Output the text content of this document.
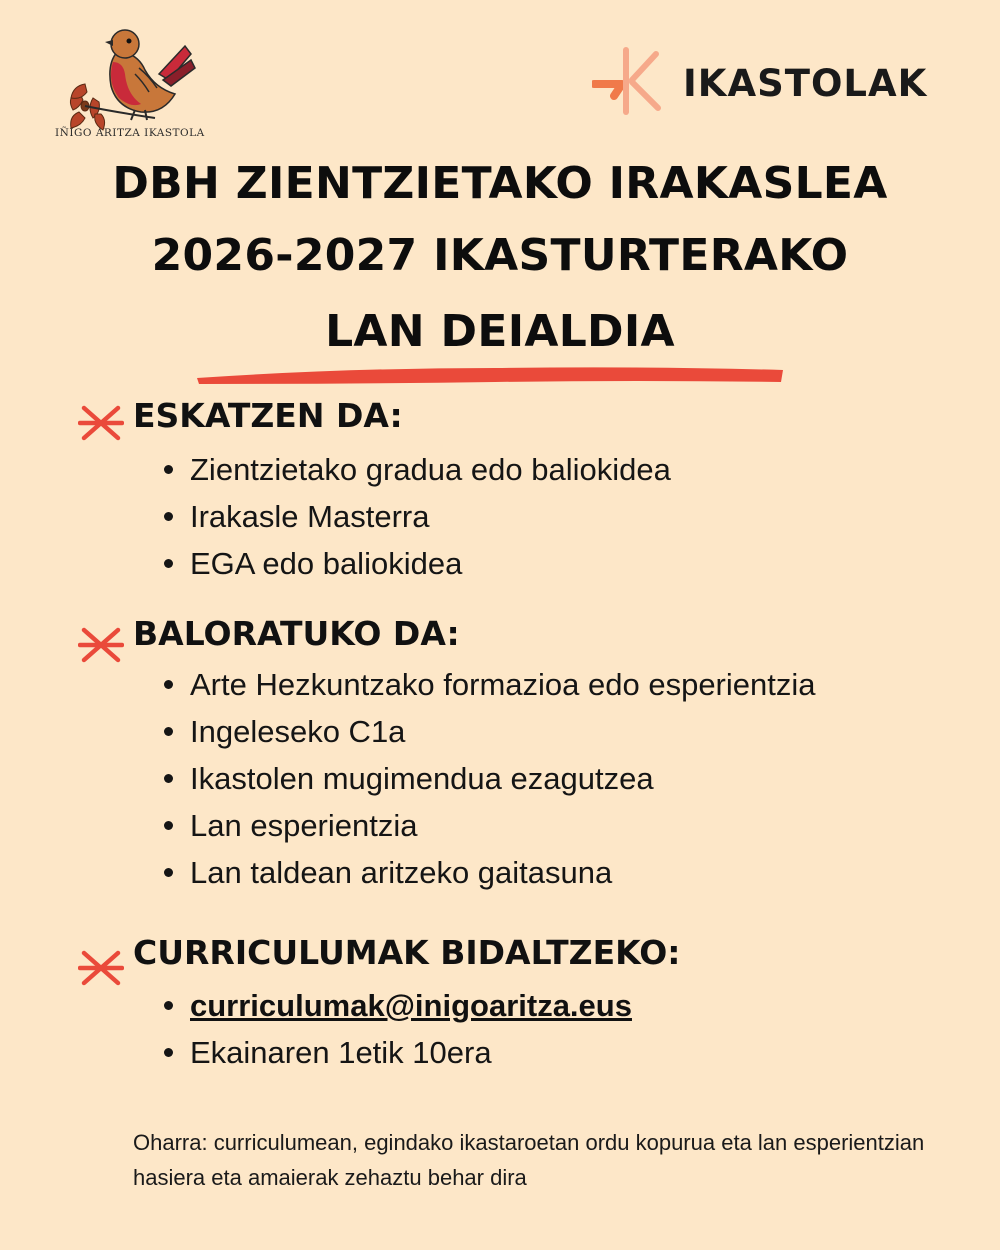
IÑIGO ARITZA IKASTOLA
IKASTOLAK
DBH ZIENTZIETAKO IRAKASLEA
2026-2027 IKASTURTERAKO
LAN DEIALDIA
ESKATZEN DA:
Zientzietako gradua edo baliokidea
Irakasle Masterra
EGA edo baliokidea
BALORATUKO DA:
Arte Hezkuntzako formazioa edo esperientzia
Ingeleseko C1a
Ikastolen mugimendua ezagutzea
Lan esperientzia
Lan taldean aritzeko gaitasuna
CURRICULUMAK BIDALTZEKO:
curriculumak@inigoaritza.eus
Ekainaren 1etik 10era
Oharra: curriculumean, egindako ikastaroetan ordu kopurua eta lan esperientzian hasiera eta amaierak zehaztu behar dira
